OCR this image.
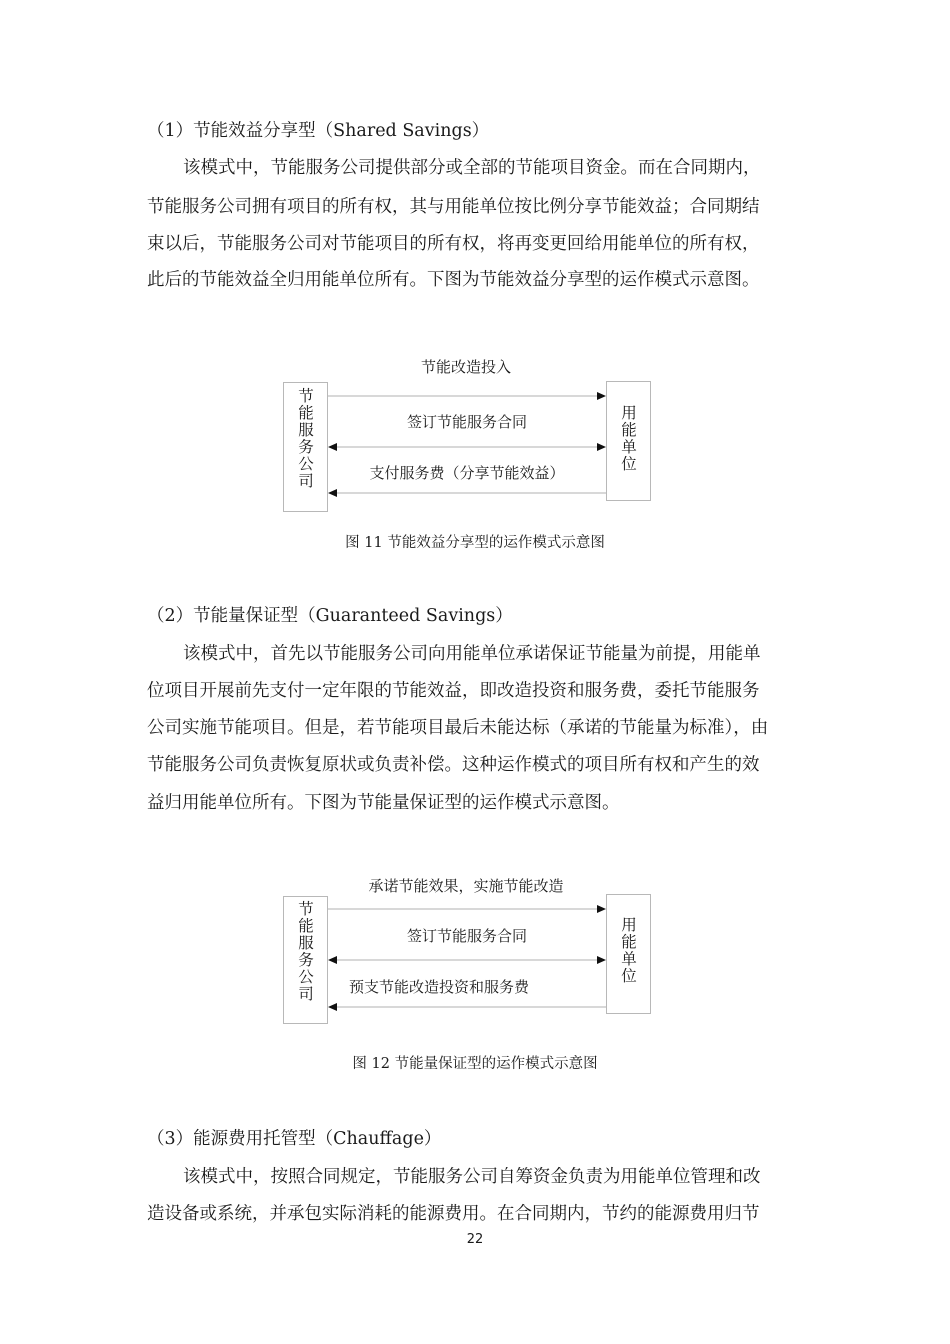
（1）节能效益分享型（Shared Savings）
该模式中，节能服务公司提供部分或全部的节能项目资金。而在合同期内，
节能服务公司拥有项目的所有权，其与用能单位按比例分享节能效益；合同期结
束以后，节能服务公司对节能项目的所有权，将再变更回给用能单位的所有权，
此后的节能效益全归用能单位所有。下图为节能效益分享型的运作模式示意图。
节能改造投入
节
能
服
务
公
司
用
能
单
位
签订节能服务合同
支付服务费（分享节能效益）
图 11 节能效益分享型的运作模式示意图
（2）节能量保证型（Guaranteed Savings）
该模式中，首先以节能服务公司向用能单位承诺保证节能量为前提，用能单
位项目开展前先支付一定年限的节能效益，即改造投资和服务费，委托节能服务
公司实施节能项目。但是，若节能项目最后未能达标（承诺的节能量为标准），由
节能服务公司负责恢复原状或负责补偿。这种运作模式的项目所有权和产生的效
益归用能单位所有。下图为节能量保证型的运作模式示意图。
承诺节能效果，实施节能改造
节
能
服
务
公
司
用
能
单
位
签订节能服务合同
预支节能改造投资和服务费
图 12 节能量保证型的运作模式示意图
（3）能源费用托管型（Chauffage）
该模式中，按照合同规定，节能服务公司自筹资金负责为用能单位管理和改
造设备或系统，并承包实际消耗的能源费用。在合同期内，节约的能源费用归节
22
